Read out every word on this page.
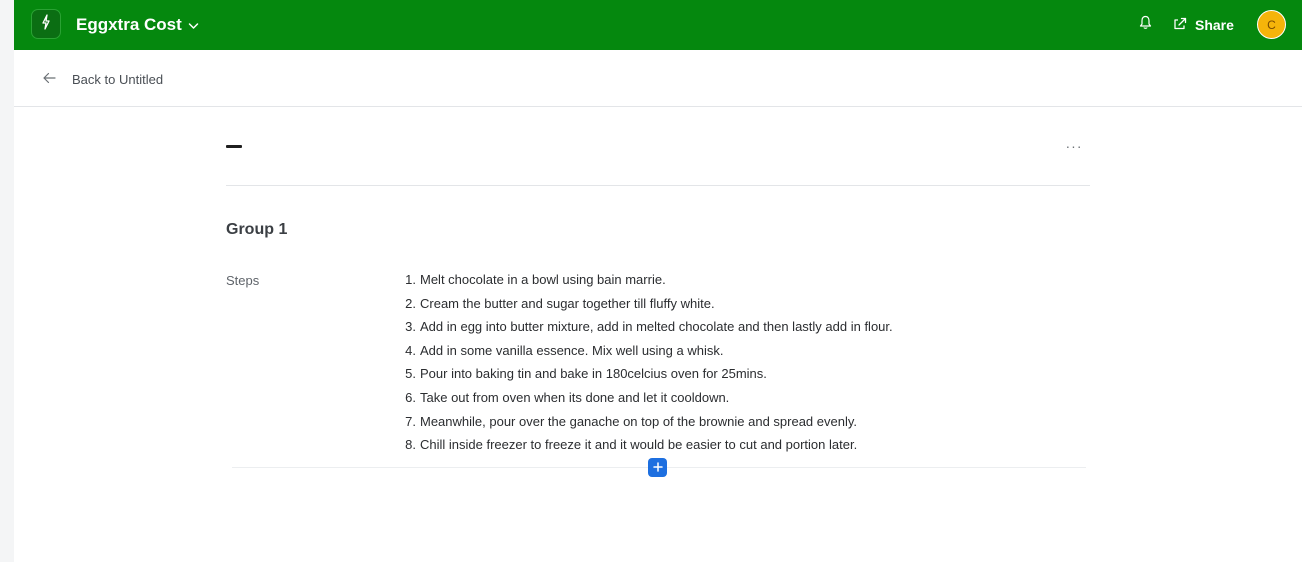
Eggxtra Cost	Share	C
Back to Untitled
···
Group 1
Steps	1. Melt chocolate in a bowl using bain marrie.
2. Cream the butter and sugar together till fluffy white.
3. Add in egg into butter mixture, add in melted chocolate and then lastly add in flour.
4. Add in some vanilla essence. Mix well using a whisk.
5. Pour into baking tin and bake in 180celcius oven for 25mins.
6. Take out from oven when its done and let it cooldown.
7. Meanwhile, pour over the ganache on top of the brownie and spread evenly.
8. Chill inside freezer to freeze it and it would be easier to cut and portion later.
